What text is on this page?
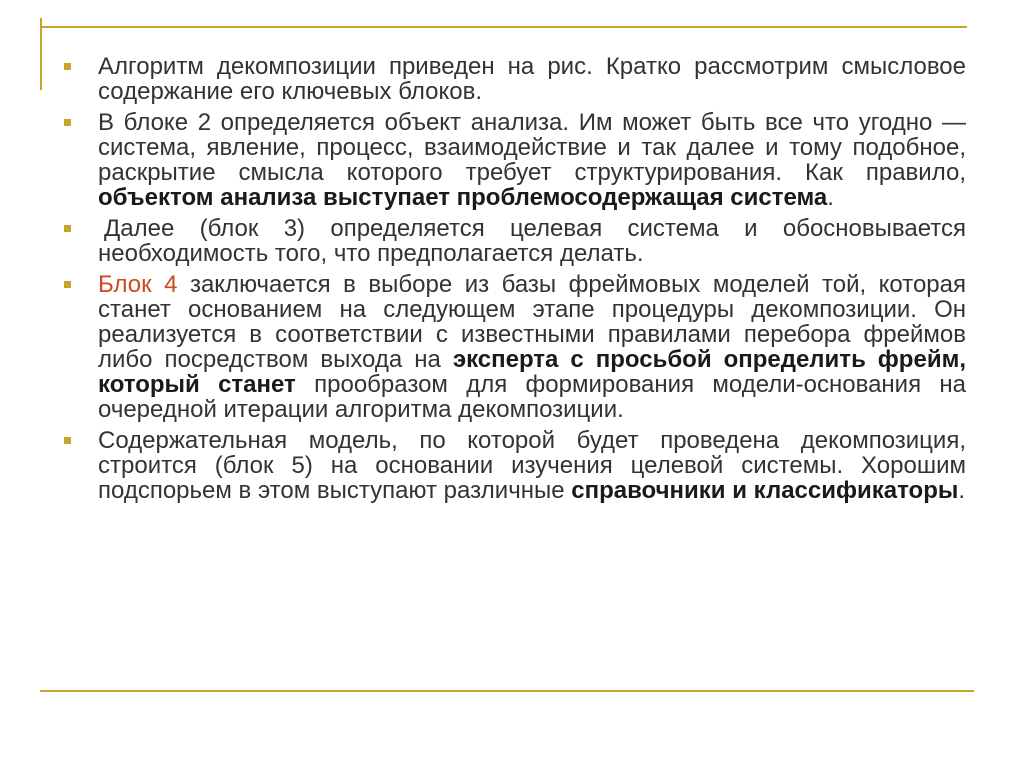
Алгоритм декомпозиции приведен на рис. Кратко рассмотрим смысловое содержание его ключевых блоков.
В блоке 2 определяется объект анализа. Им может быть все что угодно — система, явление, процесс, взаимодействие и так далее и тому подобное, раскрытие смысла которого требует структурирования. Как правило, объектом анализа выступает проблемосодержащая система.
Далее (блок 3) определяется целевая система и обосновывается необходимость того, что предполагается делать.
Блок 4 заключается в выборе из базы фреймовых моделей той, которая станет основанием на следующем этапе процедуры декомпозиции. Он реализуется в соответствии с известными правилами перебора фреймов либо посредством выхода на эксперта с просьбой определить фрейм, который станет прообразом для формирования модели-основания на очередной итерации алгоритма декомпозиции.
Содержательная модель, по которой будет проведена декомпозиция, строится (блок 5) на основании изучения целевой системы. Хорошим подспорьем в этом выступают различные справочники и классификаторы.
